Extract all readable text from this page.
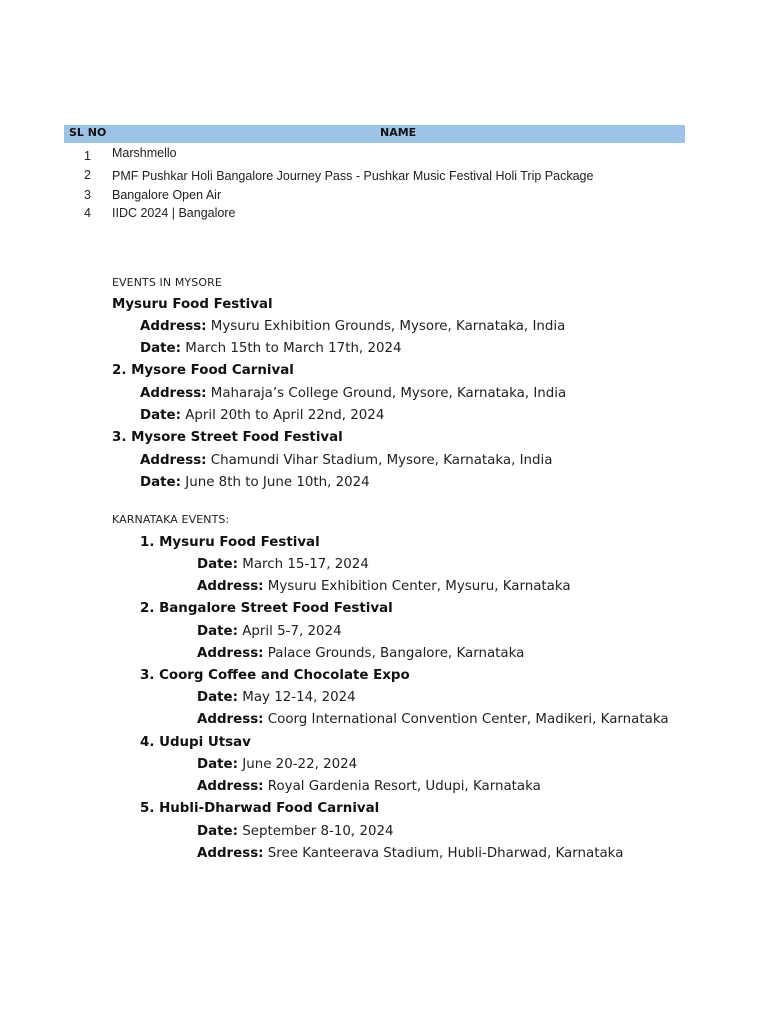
SL NO	NAME
1 Marshmello
2 PMF Pushkar Holi Bangalore Journey Pass - Pushkar Music Festival Holi Trip Package
3 Bangalore Open Air
4 IIDC 2024 | Bangalore
EVENTS IN MYSORE
Mysuru Food Festival
Address: Mysuru Exhibition Grounds, Mysore, Karnataka, India
Date: March 15th to March 17th, 2024
2. Mysore Food Carnival
Address: Maharaja’s College Ground, Mysore, Karnataka, India
Date: April 20th to April 22nd, 2024
3. Mysore Street Food Festival
Address: Chamundi Vihar Stadium, Mysore, Karnataka, India
Date: June 8th to June 10th, 2024
KARNATAKA EVENTS:
1. Mysuru Food Festival
Date: March 15-17, 2024
Address: Mysuru Exhibition Center, Mysuru, Karnataka
2. Bangalore Street Food Festival
Date: April 5-7, 2024
Address: Palace Grounds, Bangalore, Karnataka
3. Coorg Coffee and Chocolate Expo
Date: May 12-14, 2024
Address: Coorg International Convention Center, Madikeri, Karnataka
4. Udupi Utsav
Date: June 20-22, 2024
Address: Royal Gardenia Resort, Udupi, Karnataka
5. Hubli-Dharwad Food Carnival
Date: September 8-10, 2024
Address: Sree Kanteerava Stadium, Hubli-Dharwad, Karnataka
